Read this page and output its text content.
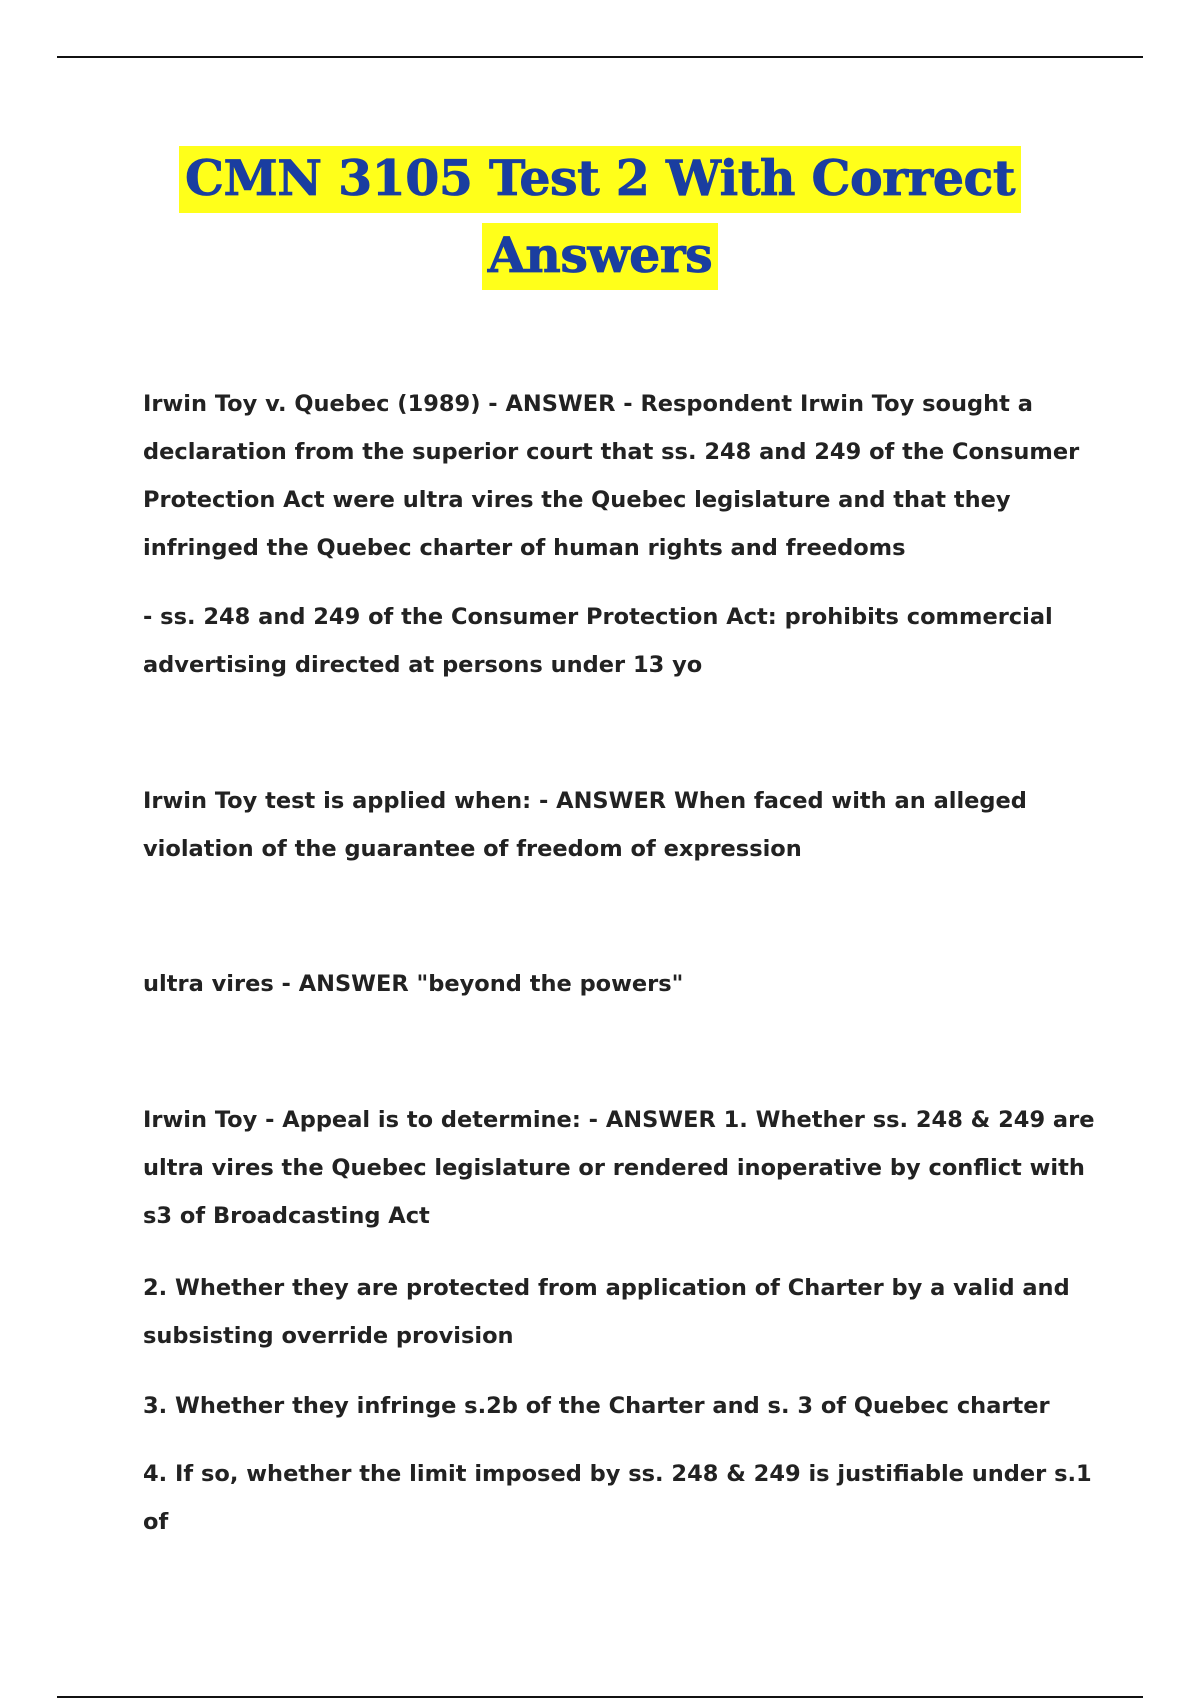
CMN 3105 Test 2 With Correct
Answers

Irwin Toy v. Quebec (1989) - ANSWER - Respondent Irwin Toy sought a declaration from the superior court that ss. 248 and 249 of the Consumer Protection Act were ultra vires the Quebec legislature and that they infringed the Quebec charter of human rights and freedoms

- ss. 248 and 249 of the Consumer Protection Act: prohibits commercial advertising directed at persons under 13 yo

Irwin Toy test is applied when: - ANSWER When faced with an alleged violation of the guarantee of freedom of expression

ultra vires - ANSWER "beyond the powers"

Irwin Toy - Appeal is to determine: - ANSWER 1. Whether ss. 248 & 249 are ultra vires the Quebec legislature or rendered inoperative by conflict with s3 of Broadcasting Act

2. Whether they are protected from application of Charter by a valid and subsisting override provision

3. Whether they infringe s.2b of the Charter and s. 3 of Quebec charter

4. If so, whether the limit imposed by ss. 248 & 249 is justifiable under s.1 of
